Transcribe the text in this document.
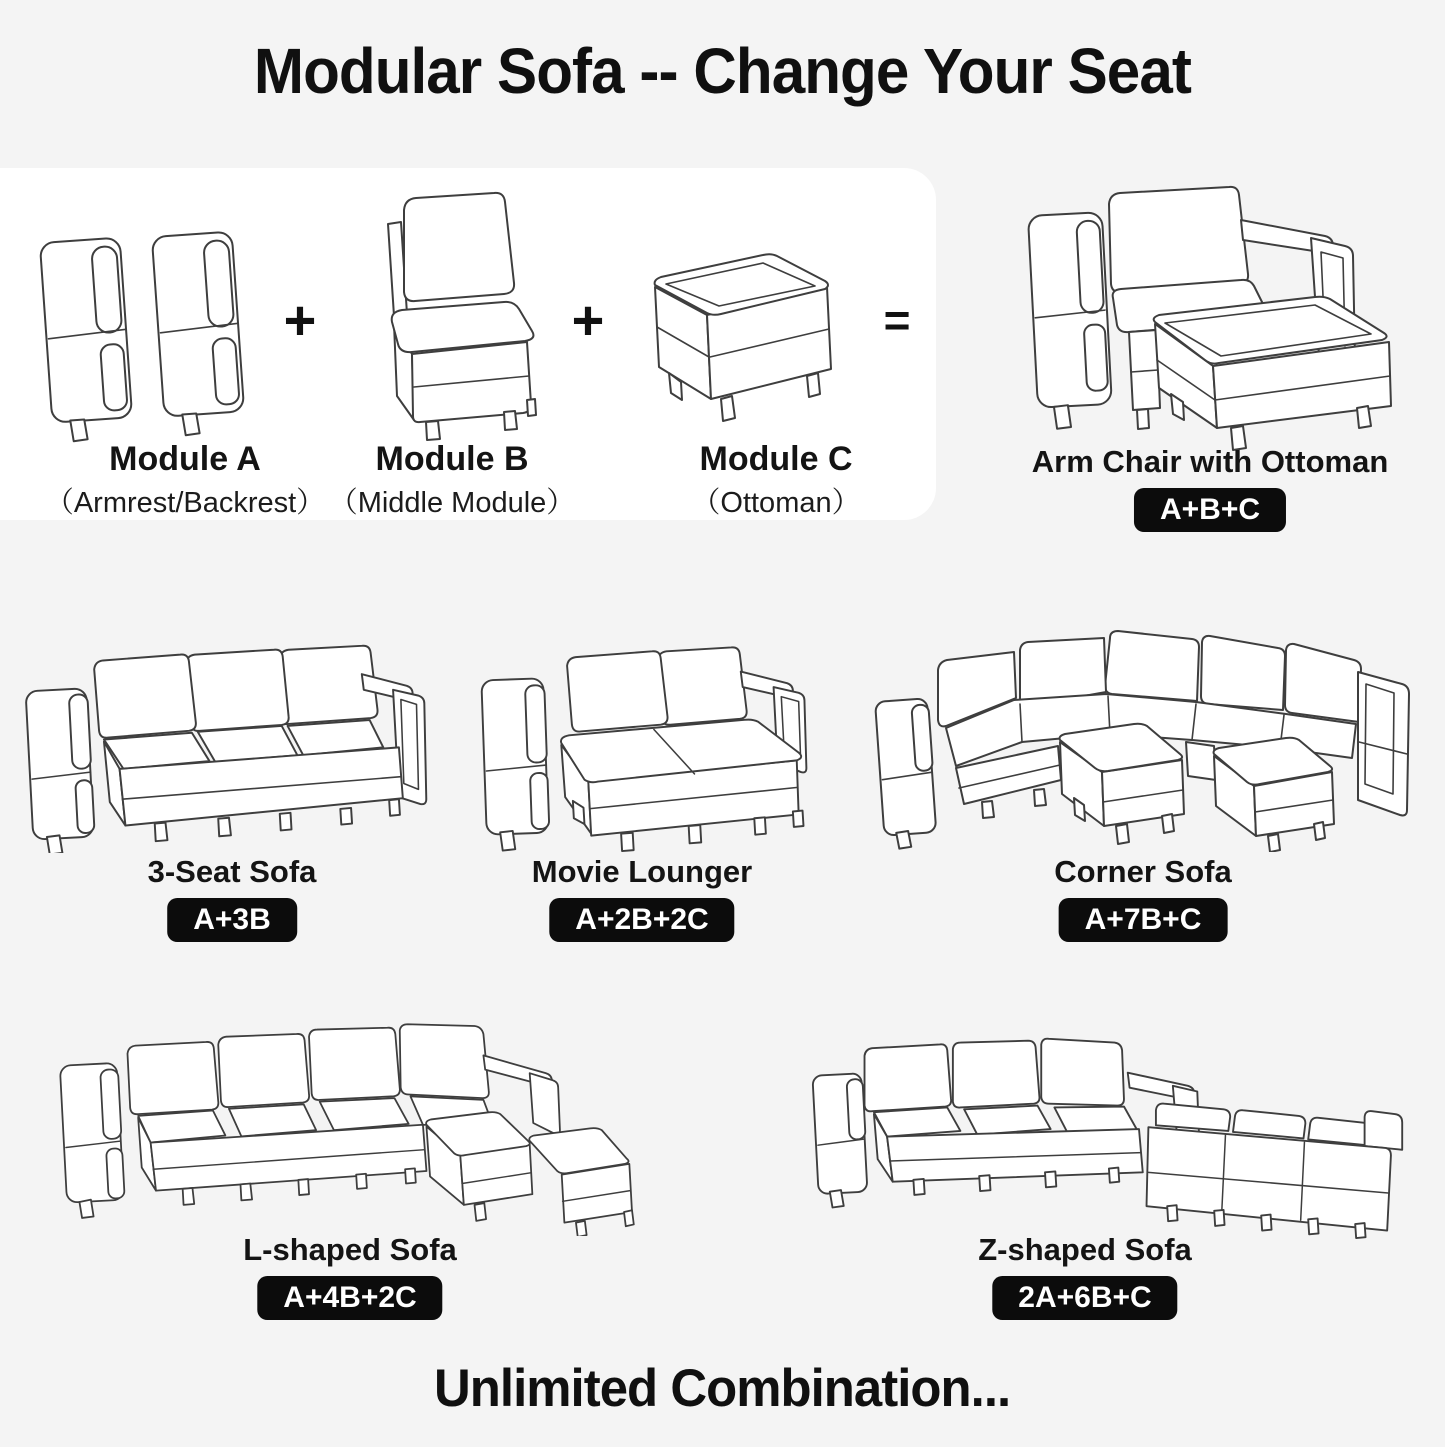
Modular Sofa -- Change Your Seat
+	+	=
Module A
（Armrest/Backrest）
Module B
（Middle Module）
Module C
（Ottoman）
Arm Chair with Ottoman
A+B+C
3-Seat Sofa
A+3B
Movie Lounger
A+2B+2C
Corner Sofa
A+7B+C
L-shaped Sofa
A+4B+2C
Z-shaped Sofa
2A+6B+C
Unlimited Combination...
